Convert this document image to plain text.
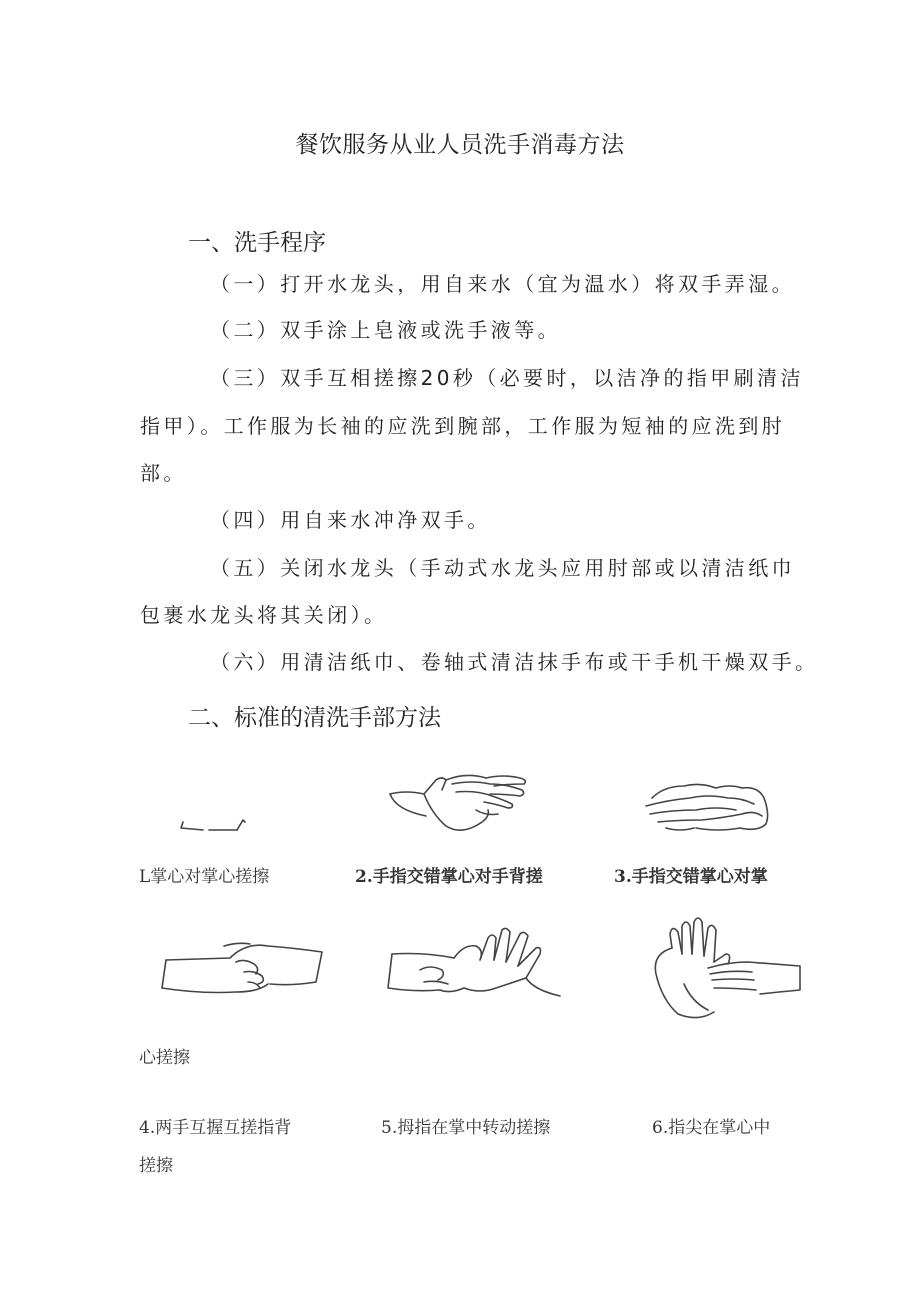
餐饮服务从业人员洗手消毒方法
一、洗手程序
（一）打开水龙头，用自来水（宜为温水）将双手弄湿。
（二）双手涂上皂液或洗手液等。
（三）双手互相搓擦20秒（必要时，以洁净的指甲刷清洁
指甲）。工作服为长袖的应洗到腕部，工作服为短袖的应洗到肘
部。
（四）用自来水冲净双手。
（五）关闭水龙头（手动式水龙头应用肘部或以清洁纸巾
包裹水龙头将其关闭）。
（六）用清洁纸巾、卷轴式清洁抹手布或干手机干燥双手。
二、标准的清洗手部方法
L掌心对掌心搓擦	2.手指交错掌心对手背搓	3.手指交错掌心对掌
心搓擦
4.两手互握互搓指背	5.拇指在掌中转动搓擦	6.指尖在掌心中
搓擦
